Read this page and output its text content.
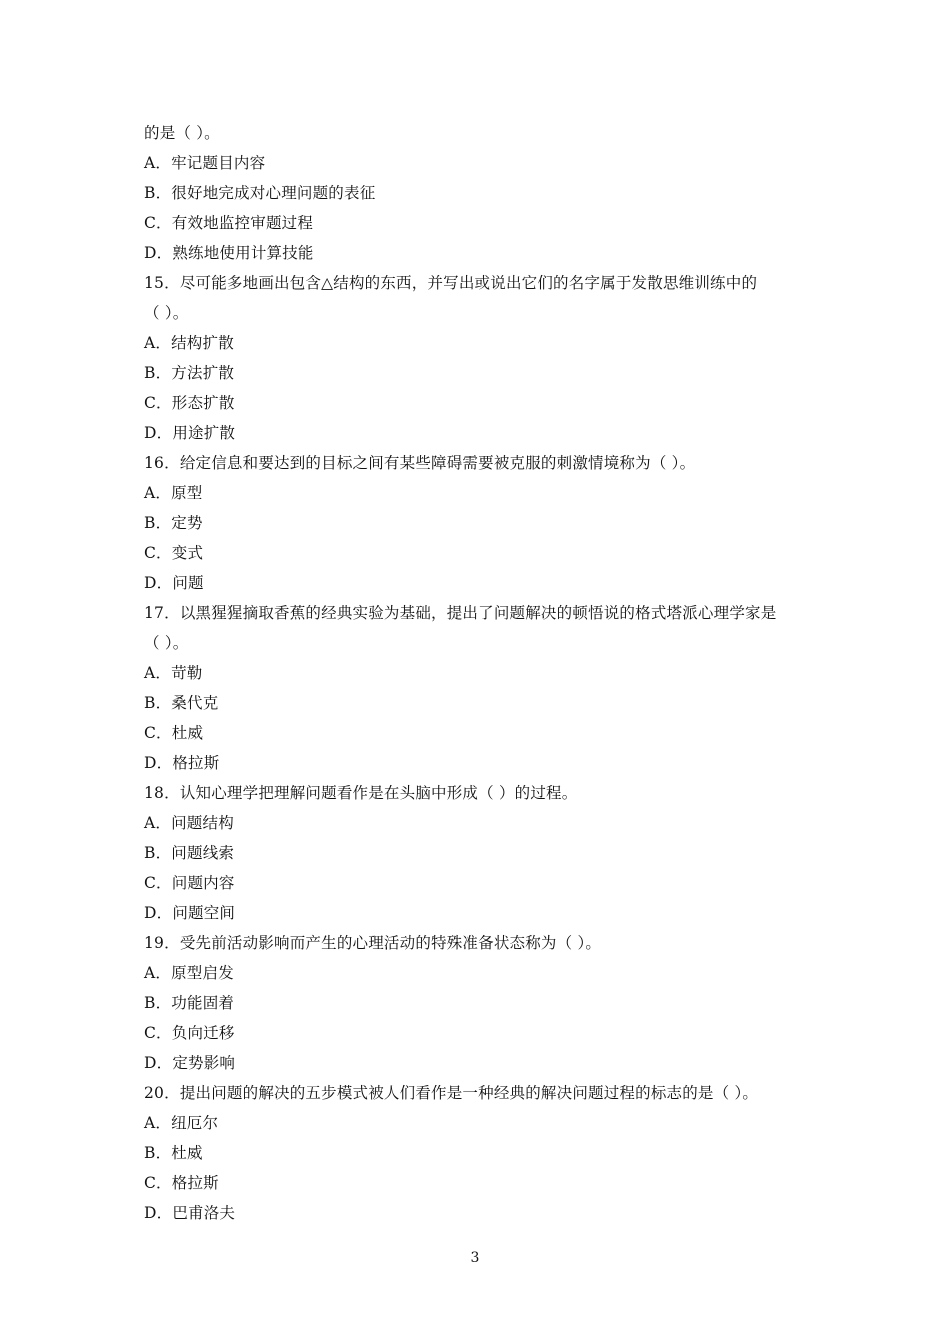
的是（ ）。
A．牢记题目内容
B．很好地完成对心理问题的表征
C．有效地监控审题过程
D．熟练地使用计算技能
15．尽可能多地画出包含△结构的东西，并写出或说出它们的名字属于发散思维训练中的
（ ）。
A．结构扩散
B．方法扩散
C．形态扩散
D．用途扩散
16．给定信息和要达到的目标之间有某些障碍需要被克服的刺激情境称为（ ）。
A．原型
B．定势
C．变式
D．问题
17．以黑猩猩摘取香蕉的经典实验为基础，提出了问题解决的顿悟说的格式塔派心理学家是
（ ）。
A．苛勒
B．桑代克
C．杜威
D．格拉斯
18．认知心理学把理解问题看作是在头脑中形成（ ）的过程。
A．问题结构
B．问题线索
C．问题内容
D．问题空间
19．受先前活动影响而产生的心理活动的特殊准备状态称为（ ）。
A．原型启发
B．功能固着
C．负向迁移
D．定势影响
20．提出问题的解决的五步模式被人们看作是一种经典的解决问题过程的标志的是（ ）。
A．纽厄尔
B．杜威
C．格拉斯
D．巴甫洛夫
3
